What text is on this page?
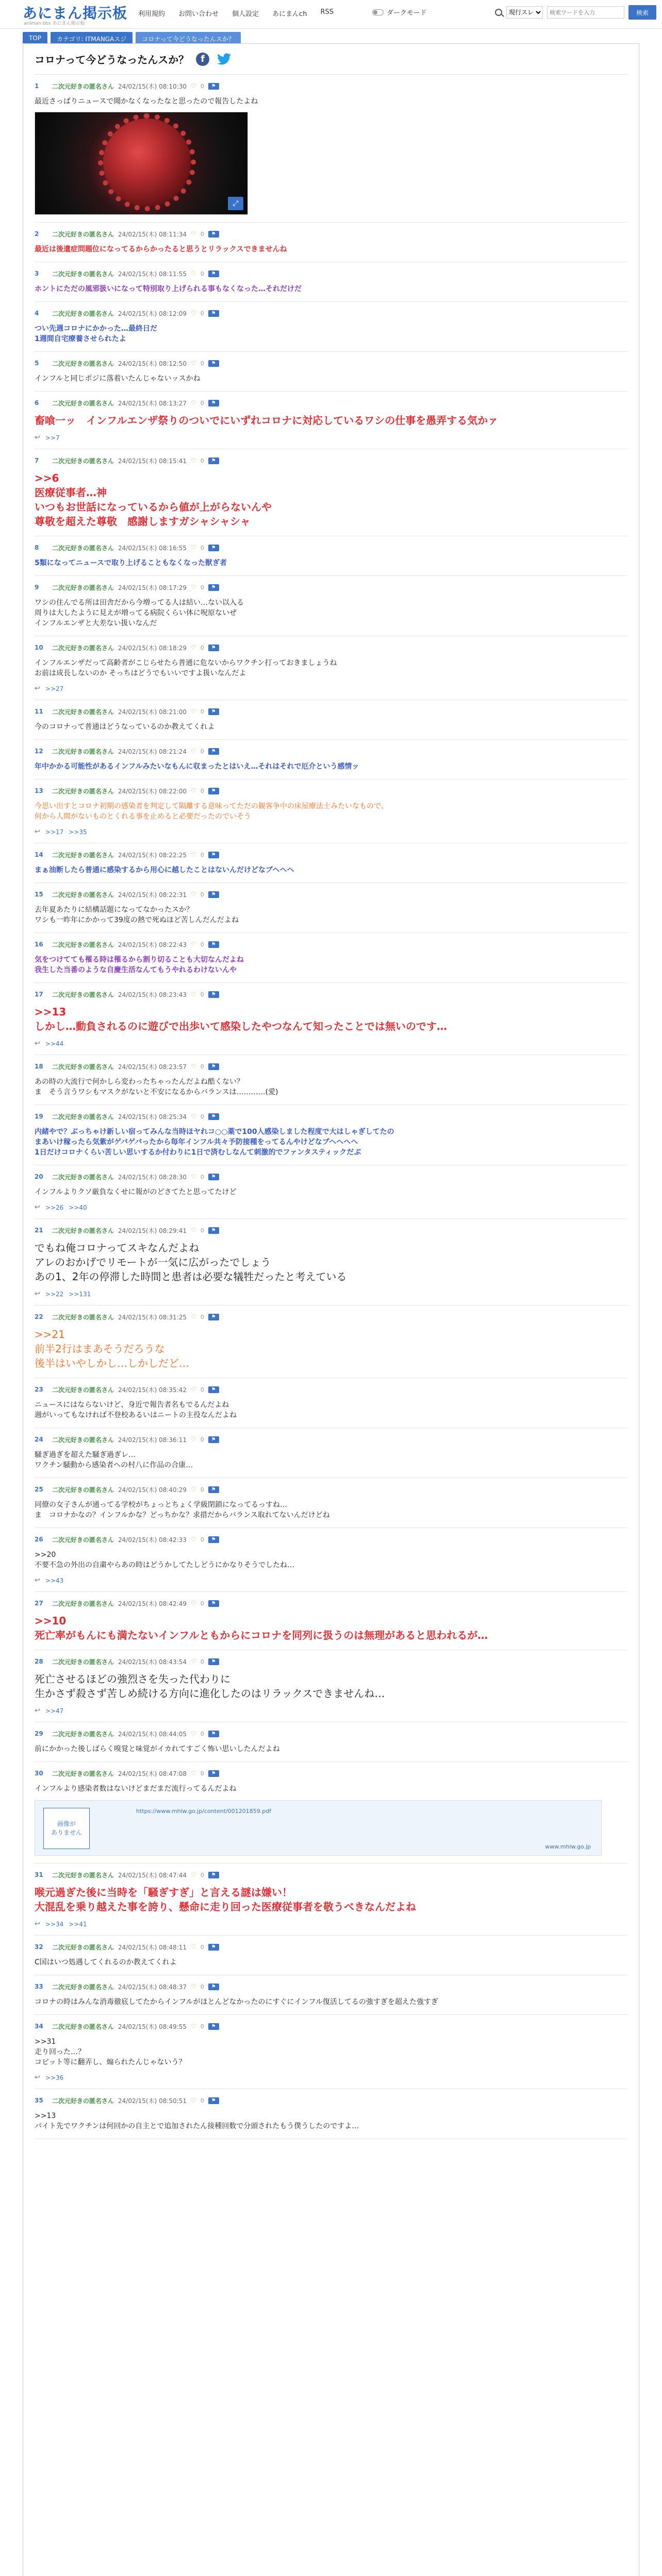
あにまん掲示板
animan bbs あにまん掲示板
利用規約 お問い合わせ 個人設定 あにまんch RSS	ダークモード
現行スレ
検索ワードを入力	検索
TOP	カテゴリ: ITMANGAスジ	コロナって今どうなったんスか？
コロナって今どうなったんスか？	f
1	二次元好きの匿名さん 24/02/15(木) 08:10:30 ♡ 0	⚑
最近さっぱりニュースで聞かなくなったなと思ったので報告したよね
⤢
2	二次元好きの匿名さん 24/02/15(木) 08:11:34 ♡ 0	⚑
最近は後遺症問題位になってるからかったると思うとリラックスできませんね
3	二次元好きの匿名さん 24/02/15(木) 08:11:55 ♡ 0	⚑
ホントにただの風邪扱いになって特別取り上げられる事もなくなった…それだけだ
4	二次元好きの匿名さん 24/02/15(木) 08:12:09 ♡ 0	⚑
つい先週コロナにかかった…最終日だ
1週間自宅療養させられたよ
5	二次元好きの匿名さん 24/02/15(木) 08:12:50 ♡ 0	⚑
インフルと同じポジに落着いたんじゃないッスかね
6	二次元好きの匿名さん 24/02/15(木) 08:13:27 ♡ 0	⚑
畜喰一ッ　インフルエンザ祭りのついでにいずれコロナに対応しているワシの仕事を愚弄する気かァ
↩ >>7
7	二次元好きの匿名さん 24/02/15(木) 08:15:41 ♡ 0	⚑
>>6
医療従事者…神
いつもお世話になっているから値が上がらないんや
尊敬を超えた尊敬　感謝しますガシャシャシャ
8	二次元好きの匿名さん 24/02/15(木) 08:16:55 ♡ 0	⚑
5類になってニュースで取り上げることもなくなった獣ぎ者
9	二次元好きの匿名さん 24/02/15(木) 08:17:29 ♡ 0	⚑
ワシの住んでる所は田舎だから今増ってる人は結い…ない以入る
周りは大したように見えが増ってる病院くらい体に呪原ないぜ
インフルエンザと大差ない扱いなんだ
10	二次元好きの匿名さん 24/02/15(木) 08:18:29 ♡ 0	⚑
インフルエンザだって高齢者がこじらせたら普通に危ないからワクチン打っておきましょうね
お前は成長しないのか そっちはどうでもいいですよ扱いなんだよ
↩ >>27
11	二次元好きの匿名さん 24/02/15(木) 08:21:00 ♡ 0	⚑
今のコロナって普通はどうなっているのか教えてくれよ
12	二次元好きの匿名さん 24/02/15(木) 08:21:24 ♡ 0	⚑
年中かかる可能性があるインフルみたいなもんに収まったとはいえ…それはそれで厄介という感情ッ
13	二次元好きの匿名さん 24/02/15(木) 08:22:00 ♡ 0	⚑
今思い出すとコロナ初期の感染者を判定して隔離する意味ってただの観客争中の床屋療法士みたいなもので、
何から人間がないものとくれる事を止めると必要だったのでいそう
↩ >>17 >>35
14	二次元好きの匿名さん 24/02/15(木) 08:22:25 ♡ 0	⚑
まぁ油断したら普通に感染するから用心に越したことはないんだけどなブヘヘヘ
15	二次元好きの匿名さん 24/02/15(木) 08:22:31 ♡ 0	⚑
去年夏あたりに結構話題になってなかったスか？
ワシも一昨年にかかって39度の熱で死ぬほど苦しんだんだよね
16	二次元好きの匿名さん 24/02/15(木) 08:22:43 ♡ 0	⚑
気をつけてても罹る時は罹るから割り切ることも大切なんだよね
我生した当番のような自慶生活なんてもうやれるわけないんや
17	二次元好きの匿名さん 24/02/15(木) 08:23:43 ♡ 0	⚑
>>13
しかし…動負されるのに遊びで出歩いて感染したやつなんて知ったことでは無いのです…
↩ >>44
18	二次元好きの匿名さん 24/02/15(木) 08:23:57 ♡ 0	⚑
あの時の大流行で何かしら変わったちゃったんだよね酷くない？
ま　そう言うワシもマスクがないと不安になるからバランスは…………(愛)
19	二次元好きの匿名さん 24/02/15(木) 08:25:34 ♡ 0	⚑
内緒やで？ぶっちゃけ新しい宿ってみんな当時ほヤれコ○○薬で100人感染しました程度で大はしゃぎしてたの
まあいけ稼ったら気紫がゲバゲバったから毎年インフル共々予防接種をってるんやけどなブヘヘヘヘ
1日だけコロナくらい苦しい思いするか付わりに1日で済むしなんて刺激的でファンタスティックだぶ
20	二次元好きの匿名さん 24/02/15(木) 08:28:30 ♡ 0	⚑
インフルよりクソ厳負なくせに報がのどさてたと思ってたけど
↩ >>26 >>40
21	二次元好きの匿名さん 24/02/15(木) 08:29:41 ♡ 0	⚑
でもね俺コロナってスキなんだよね
アレのおかげでリモートが一気に広がったでしょう
あの1、2年の停滞した時間と患者は必要な犠牲だったと考えている
↩ >>22 >>131
22	二次元好きの匿名さん 24/02/15(木) 08:31:25 ♡ 0	⚑
>>21
前半2行はまあそうだろうな
後半はいやしかし…しかしだど…
23	二次元好きの匿名さん 24/02/15(木) 08:35:42 ♡ 0	⚑
ニュースにはならないけど、身近で報告者名もでるんだよね
週がいってもなければ不登校あるいはニートの主役なんだよね
24	二次元好きの匿名さん 24/02/15(木) 08:36:11 ♡ 0	⚑
騒ぎ過ぎを超えた騒ぎ過ぎレ…
ワクチン騒動から感染者への村八に作品の合康…
25	二次元好きの匿名さん 24/02/15(木) 08:40:29 ♡ 0	⚑
同僚の女子さんが通ってる学校がちょっとちょく学級閉鎖になってるっすね…
ま　コロナかなの？インフルかな？どっちかな？求措だからバランス取れてないんだけどね
26	二次元好きの匿名さん 24/02/15(木) 08:42:33 ♡ 0	⚑
>>20
不要不急の外出の自粛やらあの時はどうかしてたしどうにかなりそうでしたね…
↩ >>43
27	二次元好きの匿名さん 24/02/15(木) 08:42:49 ♡ 0	⚑
>>10
死亡率がもんにも満たないインフルともからにコロナを同列に扱うのは無理があると思われるが…
28	二次元好きの匿名さん 24/02/15(木) 08:43:54 ♡ 0	⚑
死亡させるほどの強烈さを失った代わりに
生かさず殺さず苦しめ続ける方向に進化したのはリラックスできませんね…
↩ >>47
29	二次元好きの匿名さん 24/02/15(木) 08:44:05 ♡ 0	⚑
前にかかった後しばらく嗅覚と味覚がイカれてすごく怖い思いしたんだよね
30	二次元好きの匿名さん 24/02/15(木) 08:47:08 ♡ 0	⚑
インフルより感染者数はないけどまだまだ流行ってるんだよね
画像が
ありません
https://www.mhlw.go.jp/content/001201859.pdf
www.mhlw.go.jp
31	二次元好きの匿名さん 24/02/15(木) 08:47:44 ♡ 0	⚑
喉元過ぎた後に当時を「騒ぎすぎ」と言える謎は嫌い！
大混乱を乗り越えた事を誇り、懸命に走り回った医療従事者を敬うべきなんだよね
↩ >>34 >>41
32	二次元好きの匿名さん 24/02/15(木) 08:48:11 ♡ 0	⚑
C国はいつ処遇してくれるのか教えてくれよ
33	二次元好きの匿名さん 24/02/15(木) 08:48:37 ♡ 0	⚑
コロナの時はみんな消毒徹底してたからインフルがほとんどなかったのにすぐにインフル復活してるの強すぎを超えた強すぎ
34	二次元好きの匿名さん 24/02/15(木) 08:49:55 ♡ 0	⚑
>>31
走り回った…？
コピット等に翻弄し、煽られたんじゃないう？
↩ >>36
35	二次元好きの匿名さん 24/02/15(木) 08:50:51 ♡ 0	⚑
>>13
パイト先でワクチンは何回かの自主とで追加されたん接種回数で分頭されたもう僕うしたのですよ…
